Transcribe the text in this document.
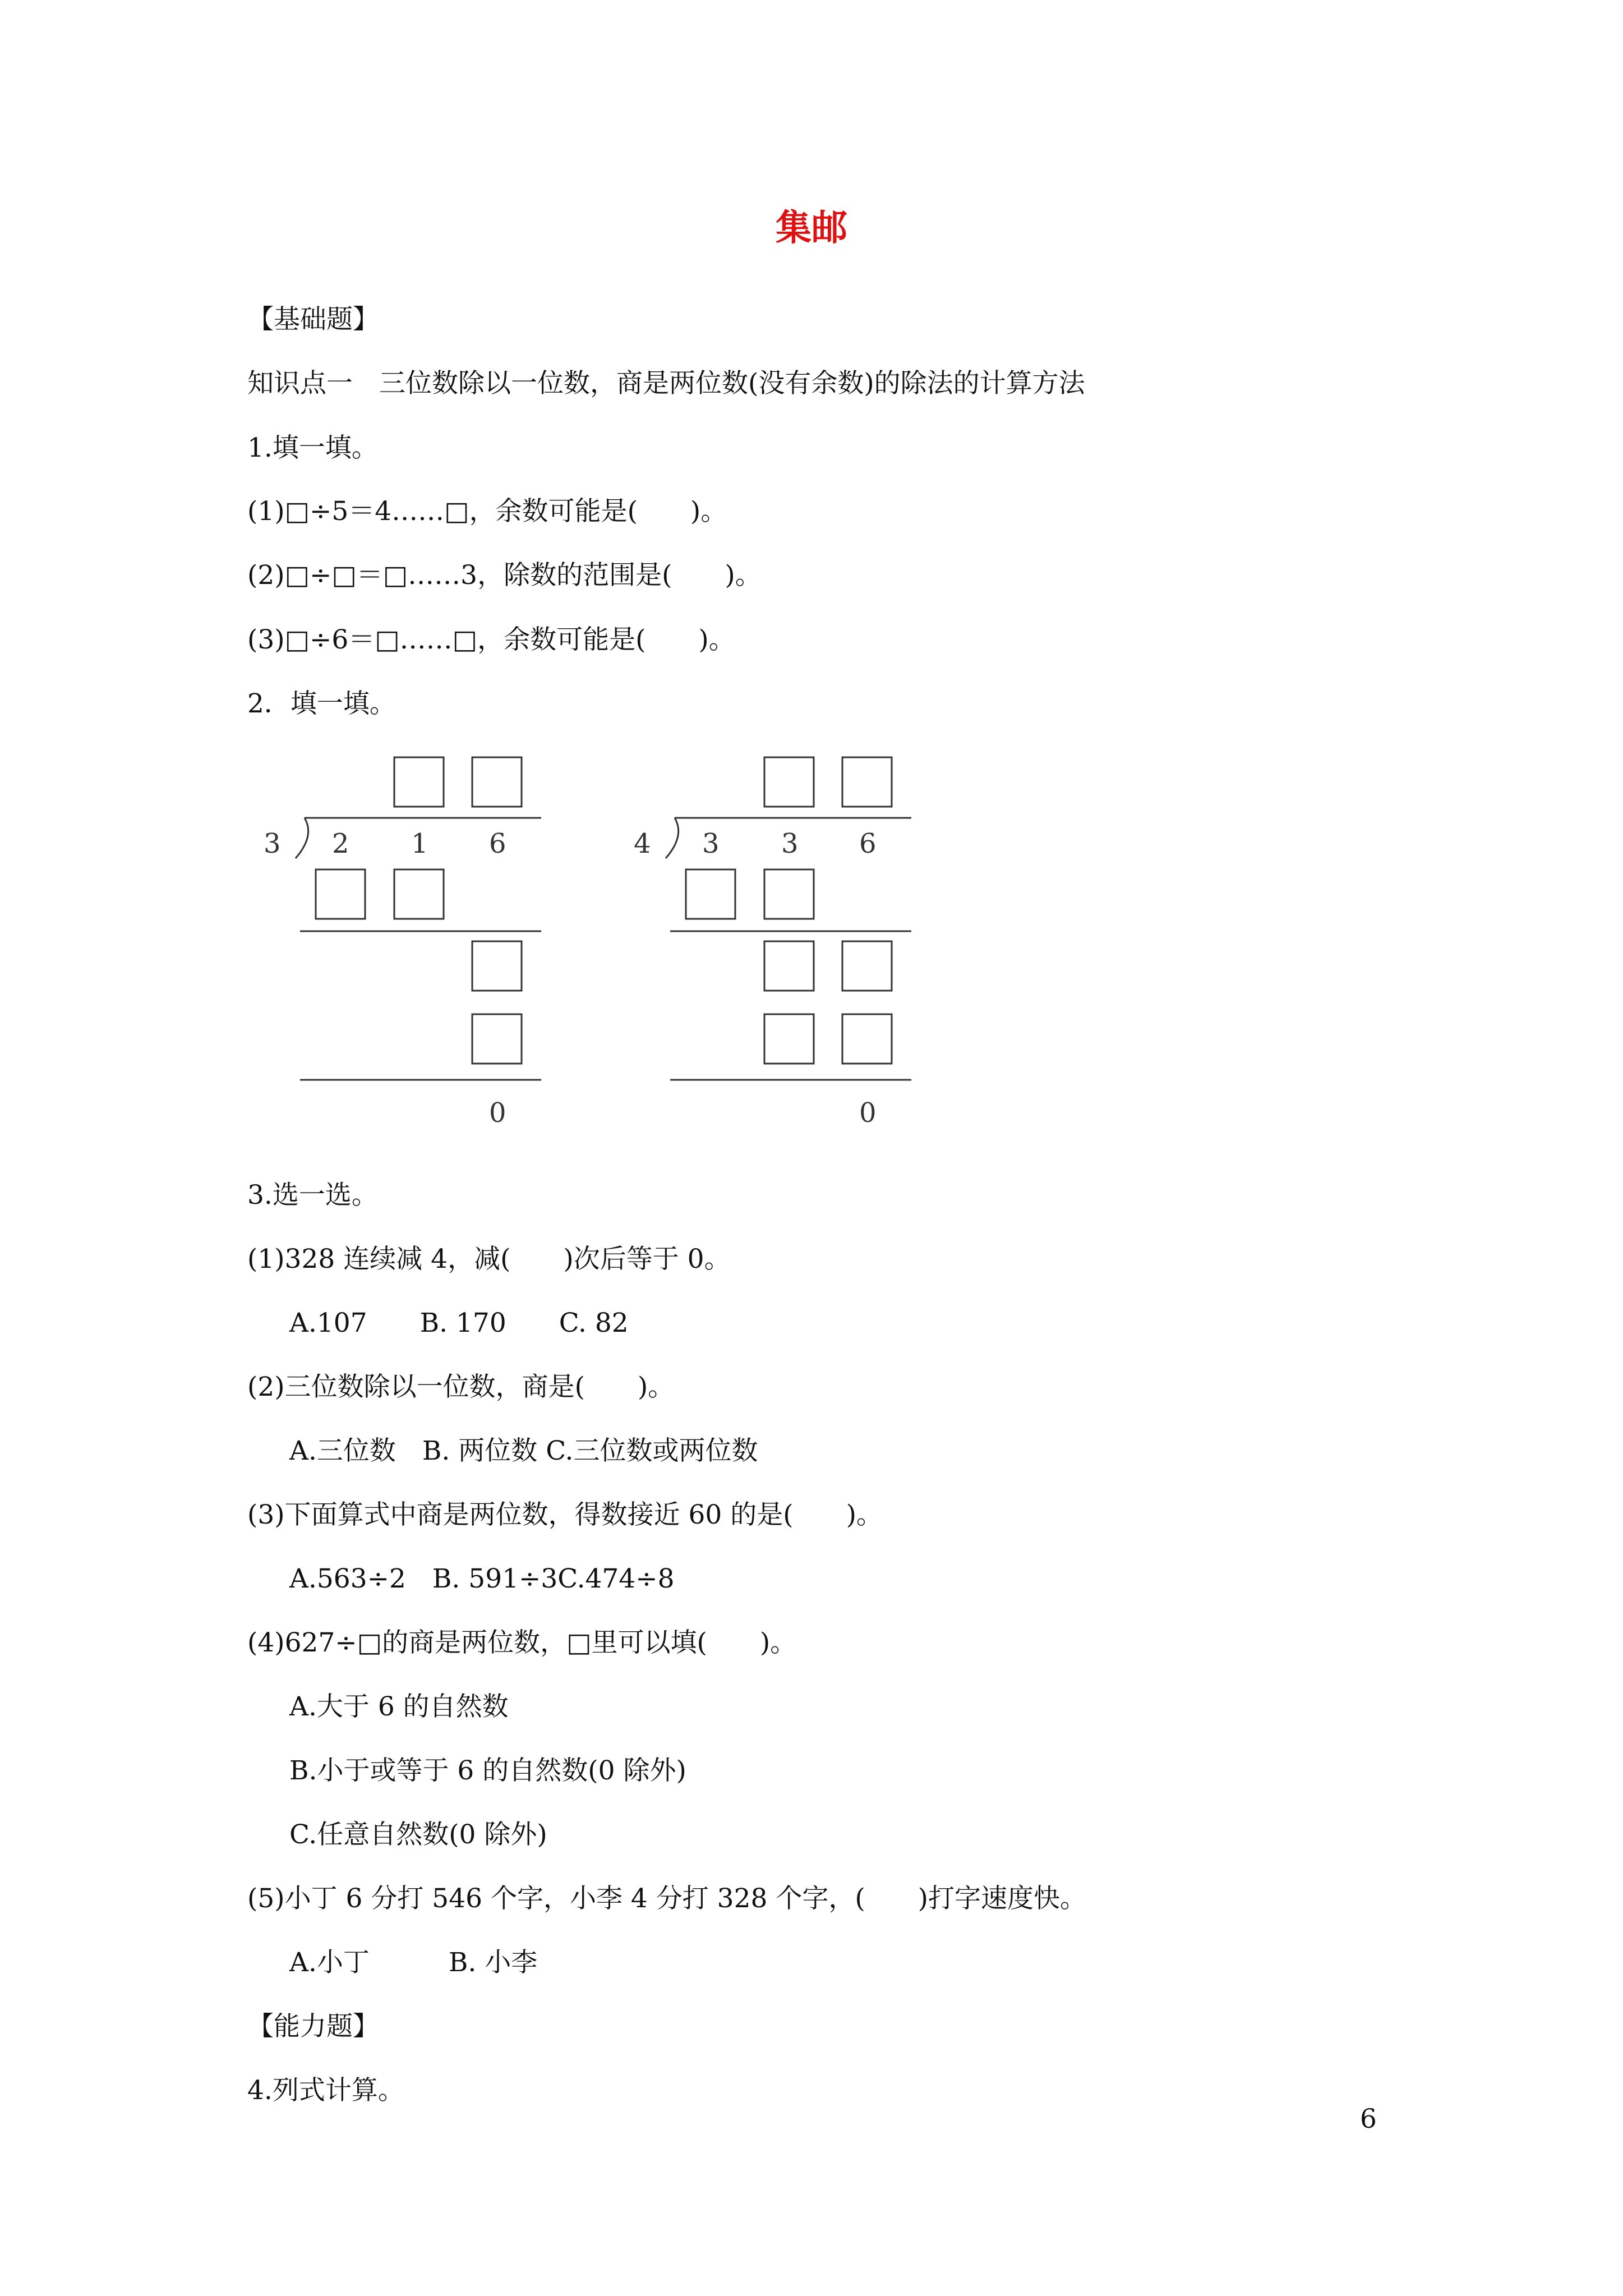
集邮
【基础题】
知识点一　三位数除以一位数，商是两位数(没有余数)的除法的计算方法
1.填一填。
(1)□÷5＝4……□，余数可能是(　　)。
(2)□÷□＝□……3，除数的范围是(　　)。
(3)□÷6＝□……□，余数可能是(　　)。
2．填一填。
3 2 1 6
0
4 3 3 6
0
3.选一选。
(1)328 连续减 4，减(　　)次后等于 0。
A.107　　B. 170　　C. 82
(2)三位数除以一位数，商是(　　)。
A.三位数　B. 两位数 C.三位数或两位数
(3)下面算式中商是两位数，得数接近 60 的是(　　)。
A.563÷2　B. 591÷3C.474÷8
(4)627÷□的商是两位数，□里可以填(　　)。
A.大于 6 的自然数
B.小于或等于 6 的自然数(0 除外)
C.任意自然数(0 除外)
(5)小丁 6 分打 546 个字，小李 4 分打 328 个字，(　　)打字速度快。
A.小丁　　　B. 小李
【能力题】
4.列式计算。
6
